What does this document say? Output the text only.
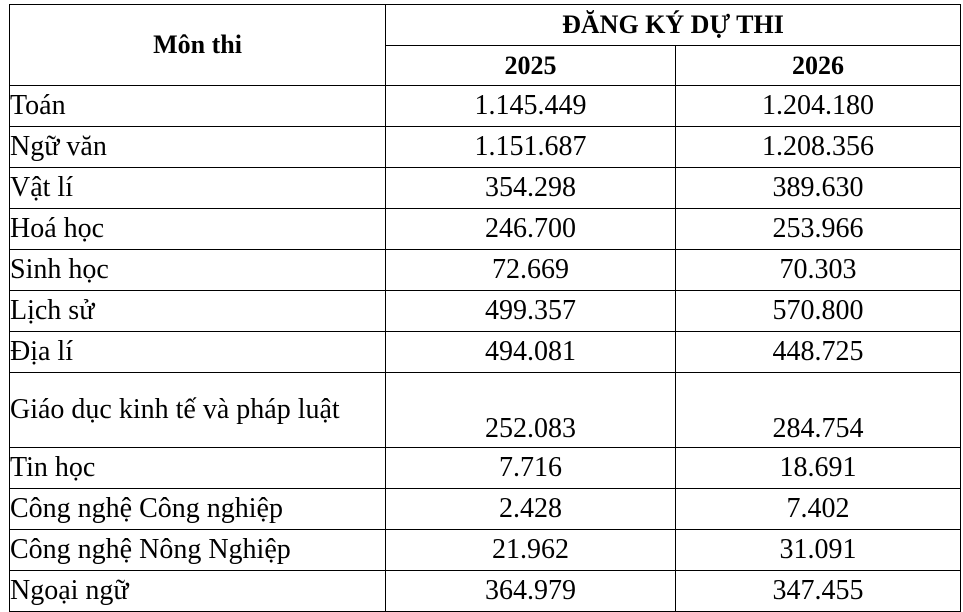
Môn thi	ĐĂNG KÝ DỰ THI	
	2025	2026
Toán	1.145.449	1.204.180
Ngữ văn	1.151.687	1.208.356
Vật lí	354.298	389.630
Hoá học	246.700	253.966
Sinh học	72.669	70.303
Lịch sử	499.357	570.800
Địa lí	494.081	448.725
Giáo dục kinh tế và pháp luật	252.083	284.754
Tin học	7.716	18.691
Công nghệ Công nghiệp	2.428	7.402
Công nghệ Nông Nghiệp	21.962	31.091
Ngoại ngữ	364.979	347.455
